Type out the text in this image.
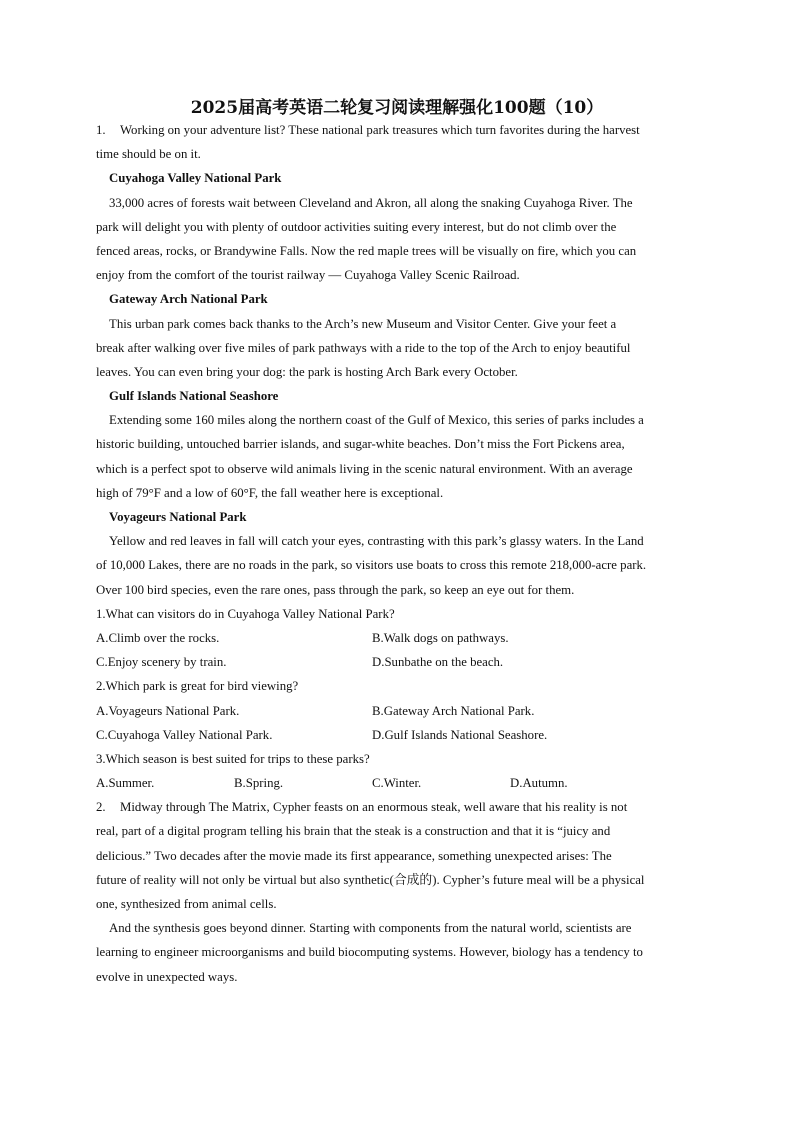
2025届高考英语二轮复习阅读理解强化100题（10）
1. Working on your adventure list? These national park treasures which turn favorites during the harvest
time should be on it.
Cuyahoga Valley National Park
33,000 acres of forests wait between Cleveland and Akron, all along the snaking Cuyahoga River. The
park will delight you with plenty of outdoor activities suiting every interest, but do not climb over the
fenced areas, rocks, or Brandywine Falls. Now the red maple trees will be visually on fire, which you can
enjoy from the comfort of the tourist railway — Cuyahoga Valley Scenic Railroad.
Gateway Arch National Park
This urban park comes back thanks to the Arch’s new Museum and Visitor Center. Give your feet a
break after walking over five miles of park pathways with a ride to the top of the Arch to enjoy beautiful
leaves. You can even bring your dog: the park is hosting Arch Bark every October.
Gulf Islands National Seashore
Extending some 160 miles along the northern coast of the Gulf of Mexico, this series of parks includes a
historic building, untouched barrier islands, and sugar-white beaches. Don’t miss the Fort Pickens area,
which is a perfect spot to observe wild animals living in the scenic natural environment. With an average
high of 79°F and a low of 60°F, the fall weather here is exceptional.
Voyageurs National Park
Yellow and red leaves in fall will catch your eyes, contrasting with this park’s glassy waters. In the Land
of 10,000 Lakes, there are no roads in the park, so visitors use boats to cross this remote 218,000-acre park.
Over 100 bird species, even the rare ones, pass through the park, so keep an eye out for them.
1.What can visitors do in Cuyahoga Valley National Park?
A.Climb over the rocks.	B.Walk dogs on pathways.
C.Enjoy scenery by train.	D.Sunbathe on the beach.
2.Which park is great for bird viewing?
A.Voyageurs National Park.	B.Gateway Arch National Park.
C.Cuyahoga Valley National Park.	D.Gulf Islands National Seashore.
3.Which season is best suited for trips to these parks?
A.Summer.	B.Spring.	C.Winter.	D.Autumn.
2. Midway through The Matrix, Cypher feasts on an enormous steak, well aware that his reality is not
real, part of a digital program telling his brain that the steak is a construction and that it is “juicy and
delicious.” Two decades after the movie made its first appearance, something unexpected arises: The
future of reality will not only be virtual but also synthetic(合成的). Cypher’s future meal will be a physical
one, synthesized from animal cells.
And the synthesis goes beyond dinner. Starting with components from the natural world, scientists are
learning to engineer microorganisms and build biocomputing systems. However, biology has a tendency to
evolve in unexpected ways.
